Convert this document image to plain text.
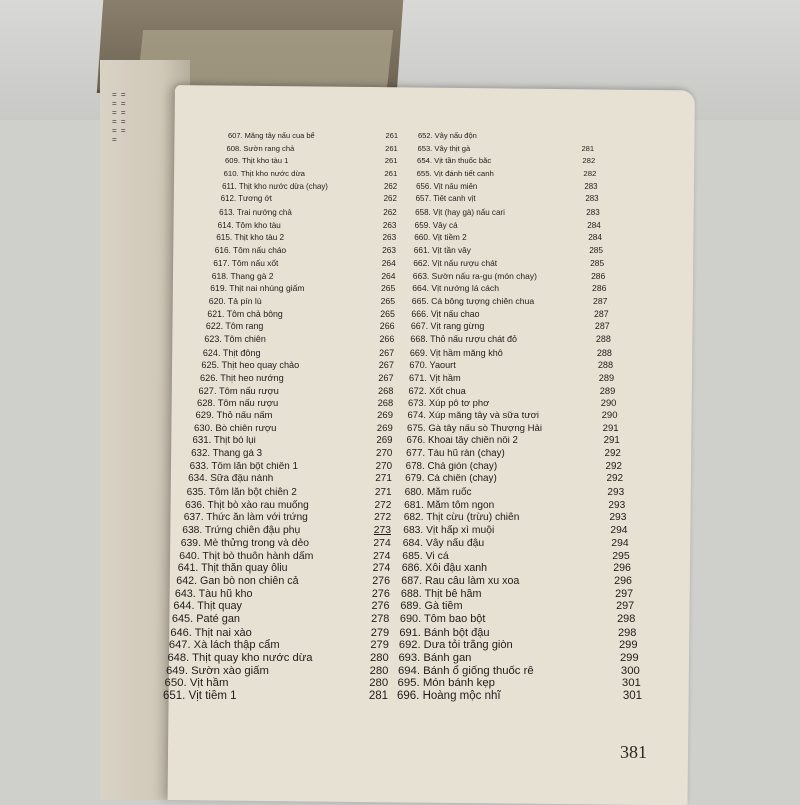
= = = = = = = = = = =	607. Măng tây nấu cua bể	261
608. Sườn rang chả	261
609. Thịt kho tàu 1	261
610. Thịt kho nước dừa	261
611. Thịt kho nước dừa (chay)	262
612. Tương ớt	262
613. Trai nướng chả	262
614. Tôm kho tàu	263
615. Thịt kho tàu 2	263
616. Tôm nấu cháo	263
617. Tôm nấu xốt	264
618. Thang gà 2	264
619. Thịt nai nhúng giấm	265
620. Tả pín lù	265
621. Tôm chả bông	265
622. Tôm rang	266
623. Tôm chiên	266
624. Thịt đông	267
625. Thịt heo quay chảo	267
626. Thịt heo nướng	267
627. Tôm nấu rượu	268
628. Tôm nấu rượu	268
629. Thỏ nấu nấm	269
630. Bò chiên rượu	269
631. Thịt bò lụi	269
632. Thang gà 3	270
633. Tôm lăn bột chiên 1	270
634. Sữa đậu nành	271
635. Tôm lăn bột chiên 2	271
636. Thịt bò xào rau muống	272
637. Thức ăn làm với trứng	272
638. Trứng chiên đậu phụ	273
639. Mè thửng trong và dẻo	274
640. Thịt bò thuôn hành dấm	274
641. Thịt thăn quay ôliu	274
642. Gan bò non chiên cả	276
643. Tàu hũ kho	276
644. Thịt quay	276
645. Paté gan	278
646. Thịt nai xào	279
647. Xà lách thập cẩm	279
648. Thịt quay kho nước dừa	280
649. Sườn xào giấm	280
650. Vịt hầm	280
651. Vịt tiềm 1	281
652. Vây nấu độn
653. Vây thịt gà	281
654. Vịt tần thuốc bắc	282
655. Vịt đánh tiết canh	282
656. Vịt nấu miến	283
657. Tiết canh vịt	283
658. Vịt (hay gà) nấu cari	283
659. Vây cá	284
660. Vịt tiềm 2	284
661. Vịt tần vây	285
662. Vịt nấu rượu chát	285
663. Sườn nấu ra-gu (món chay)	286
664. Vịt nướng lá cách	286
665. Cá bông tượng chiên chua	287
666. Vịt nấu chao	287
667. Vịt rang gừng	287
668. Thỏ nấu rượu chát đỏ	288
669. Vịt hầm măng khô	288
670. Yaourt	288
671. Vịt hầm	289
672. Xốt chua	289
673. Xúp pô tơ phơ	290
674. Xúp măng tây và sữa tươi	290
675. Gà tây nấu sò Thượng Hải	291
676. Khoai tây chiên nổi 2	291
677. Tàu hũ rán (chay)	292
678. Chả giòn (chay)	292
679. Cá chiên (chay)	292
680. Mắm ruốc	293
681. Mắm tôm ngon	293
682. Thịt cừu (trừu) chiên	293
683. Vịt hấp xì muội	294
684. Vây nấu đậu	294
685. Vi cá	295
686. Xôi đậu xanh	296
687. Rau câu làm xu xoa	296
688. Thịt bê hầm	297
689. Gà tiềm	297
690. Tôm bao bột	298
691. Bánh bột đậu	298
692. Dưa tỏi trắng giòn	299
693. Bánh gan	299
694. Bánh ổ giống thuốc rê	300
695. Món bánh kẹp	301
696. Hoàng mộc nhĩ	301
381
